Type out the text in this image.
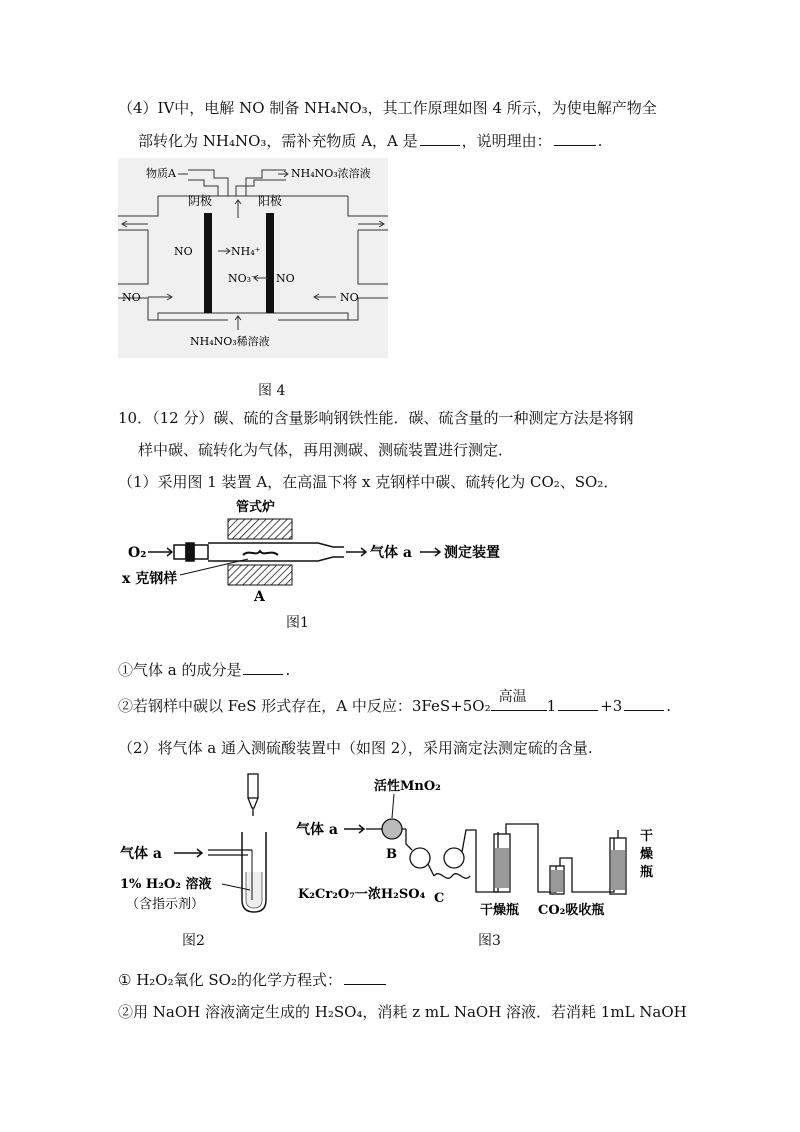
（4）IV中，电解 NO 制备 NH₄NO₃，其工作原理如图 4 所示，为使电解产物全
部转化为 NH₄NO₃，需补充物质 A，A 是	，说明理由：	.
物质A	NH₄NO₃浓溶液
阴极	阳极
NO	NH₄⁺
NO₃⁻ NO
NO	NO
NH₄NO₃稀溶液
图 4
10．（12 分）碳、硫的含量影响钢铁性能．碳、硫含量的一种测定方法是将钢
样中碳、硫转化为气体，再用测碳、测硫装置进行测定．
（1）采用图 1 装置 A，在高温下将 x 克钢样中碳、硫转化为 CO₂、SO₂．
管式炉
O₂	气体 a 测定装置
x 克钢样
A
图1
①气体 a 的成分是	.
②若钢样中碳以 FeS 形式存在，A 中反应：3FeS+5O₂ 高温 1	+3	.
（2）将气体 a 通入测硫酸装置中（如图 2），采用滴定法测定硫的含量.
气体 a
1% H₂O₂ 溶液
（含指示剂）
图2
活性MnO₂
气体 a
B
K₂Cr₂O₇一浓H₂SO₄ C
干燥瓶 CO₂吸收瓶
干
燥
瓶
图3
① H₂O₂氧化 SO₂的化学方程式：
②用 NaOH 溶液滴定生成的 H₂SO₄，消耗 z mL NaOH 溶液．若消耗 1mL NaOH
